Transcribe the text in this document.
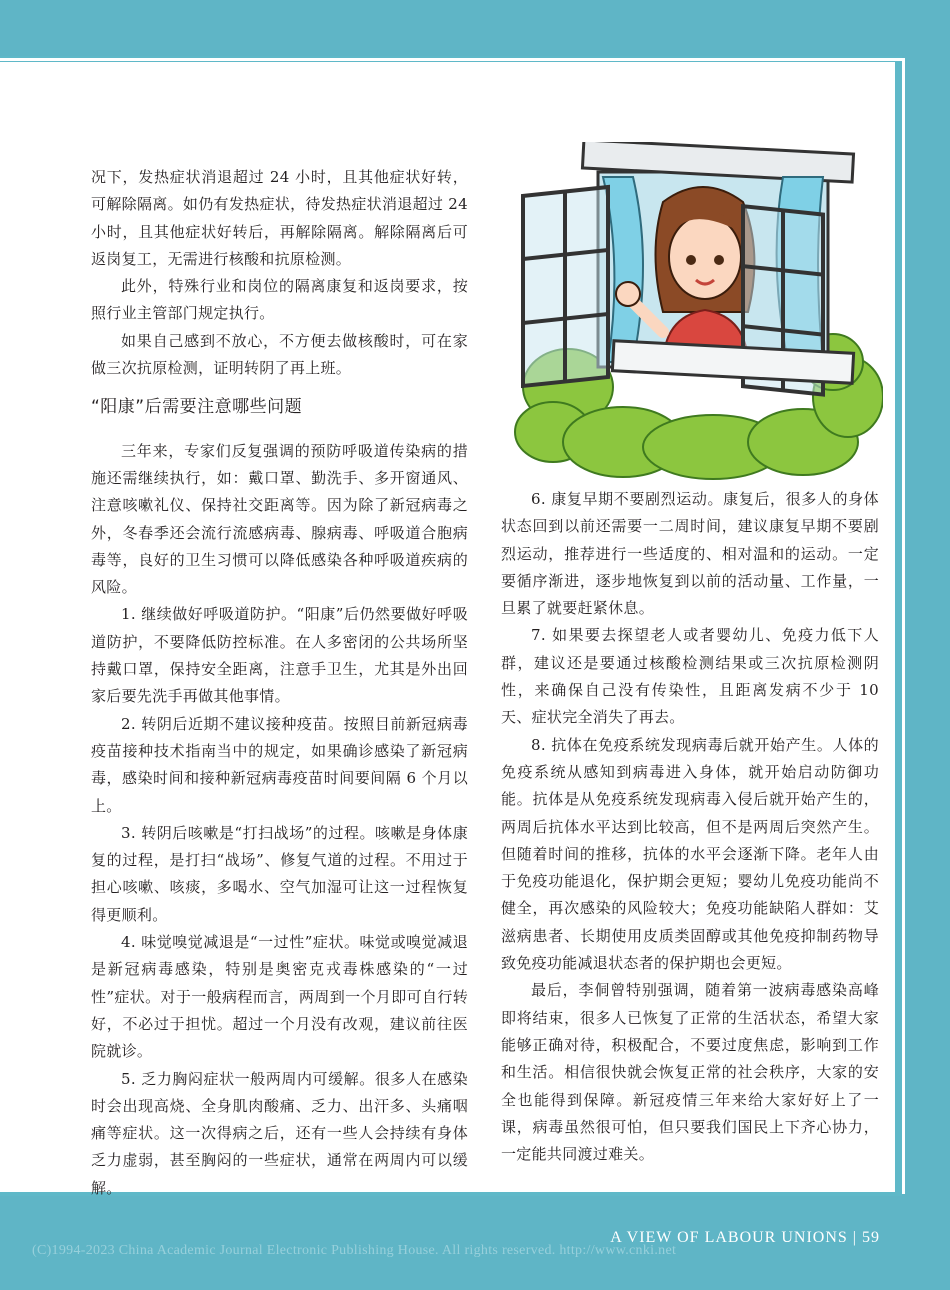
况下，发热症状消退超过 24 小时，且其他症状好转，可解除隔离。如仍有发热症状，待发热症状消退超过 24 小时，且其他症状好转后，再解除隔离。解除隔离后可返岗复工，无需进行核酸和抗原检测。

此外，特殊行业和岗位的隔离康复和返岗要求，按照行业主管部门规定执行。

如果自己感到不放心，不方便去做核酸时，可在家做三次抗原检测，证明转阴了再上班。

“阳康”后需要注意哪些问题

三年来，专家们反复强调的预防呼吸道传染病的措施还需继续执行，如：戴口罩、勤洗手、多开窗通风、注意咳嗽礼仪、保持社交距离等。因为除了新冠病毒之外，冬春季还会流行流感病毒、腺病毒、呼吸道合胞病毒等，良好的卫生习惯可以降低感染各种呼吸道疾病的风险。

1. 继续做好呼吸道防护。“阳康”后仍然要做好呼吸道防护，不要降低防控标准。在人多密闭的公共场所坚持戴口罩，保持安全距离，注意手卫生，尤其是外出回家后要先洗手再做其他事情。

2. 转阴后近期不建议接种疫苗。按照目前新冠病毒疫苗接种技术指南当中的规定，如果确诊感染了新冠病毒，感染时间和接种新冠病毒疫苗时间要间隔 6 个月以上。

3. 转阴后咳嗽是“打扫战场”的过程。咳嗽是身体康复的过程，是打扫“战场”、修复气道的过程。不用过于担心咳嗽、咳痰，多喝水、空气加湿可让这一过程恢复得更顺利。

4. 味觉嗅觉减退是“一过性”症状。味觉或嗅觉减退是新冠病毒感染，特别是奥密克戎毒株感染的“一过性”症状。对于一般病程而言，两周到一个月即可自行转好，不必过于担忧。超过一个月没有改观，建议前往医院就诊。

5. 乏力胸闷症状一般两周内可缓解。很多人在感染时会出现高烧、全身肌肉酸痛、乏力、出汗多、头痛咽痛等症状。这一次得病之后，还有一些人会持续有身体乏力虚弱，甚至胸闷的一些症状，通常在两周内可以缓解。

6. 康复早期不要剧烈运动。康复后，很多人的身体状态回到以前还需要一二周时间，建议康复早期不要剧烈运动，推荐进行一些适度的、相对温和的运动。一定要循序渐进，逐步地恢复到以前的活动量、工作量，一旦累了就要赶紧休息。

7. 如果要去探望老人或者婴幼儿、免疫力低下人群，建议还是要通过核酸检测结果或三次抗原检测阴性，来确保自己没有传染性，且距离发病不少于 10 天、症状完全消失了再去。

8. 抗体在免疫系统发现病毒后就开始产生。人体的免疫系统从感知到病毒进入身体，就开始启动防御功能。抗体是从免疫系统发现病毒入侵后就开始产生的，两周后抗体水平达到比较高，但不是两周后突然产生。但随着时间的推移，抗体的水平会逐渐下降。老年人由于免疫功能退化，保护期会更短；婴幼儿免疫功能尚不健全，再次感染的风险较大；免疫功能缺陷人群如：艾滋病患者、长期使用皮质类固醇或其他免疫抑制药物导致免疫功能减退状态者的保护期也会更短。

最后，李侗曾特别强调，随着第一波病毒感染高峰即将结束，很多人已恢复了正常的生活状态，希望大家能够正确对待，积极配合，不要过度焦虑，影响到工作和生活。相信很快就会恢复正常的社会秩序，大家的安全也能得到保障。新冠疫情三年来给大家好好上了一课，病毒虽然很可怕，但只要我们国民上下齐心协力，一定能共同渡过难关。

A VIEW OF LABOUR UNIONS | 59
(C)1994-2023 China Academic Journal Electronic Publishing House. All rights reserved. http://www.cnki.net
